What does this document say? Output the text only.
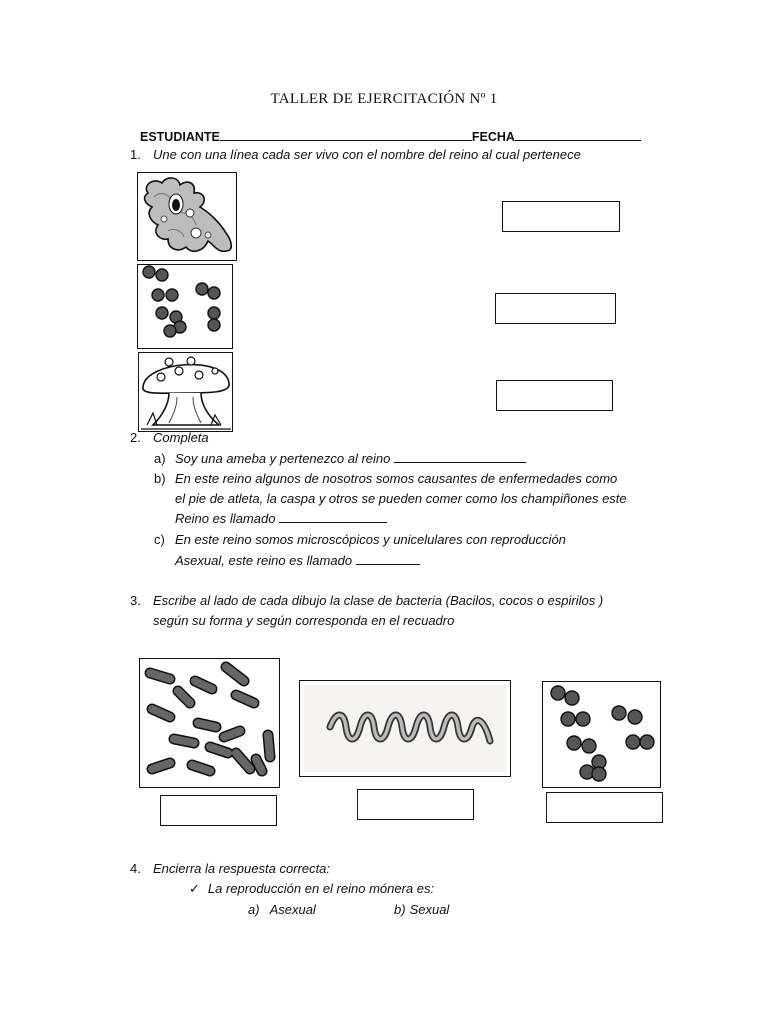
TALLER DE EJERCITACIÓN Nº 1
ESTUDIANTE	FECHA
1. Une con una línea cada ser vivo con el nombre del reino al cual pertenece
2. Completa
a) Soy una ameba y pertenezco al reino
b) En este reino algunos de nosotros somos causantes de enfermedades como
el pie de atleta, la caspa y otros se pueden comer como los champiñones este
Reino es llamado
c) En este reino somos microscópicos y unicelulares con reproducción
Asexual, este reino es llamado
3. Escribe al lado de cada dibujo la clase de bacteria (Bacilos, cocos o espirilos )
según su forma y según corresponda en el recuadro
4. Encierra la respuesta correcta:
✓ La reproducción en el reino mónera es:
a) Asexual	b) Sexual
